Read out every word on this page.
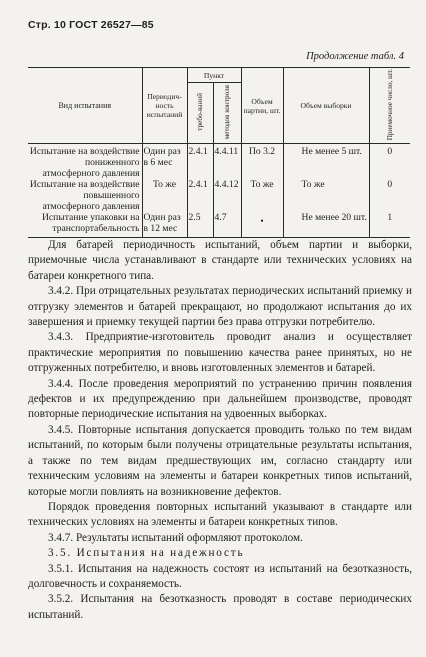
Стр. 10 ГОСТ 26527—85
Продолжение табл. 4
Вид испытания	Периодич-ность испытаний	Пункт		Объем партии, шт.	Объем выборки	Приемочное число, шт.
		требо-ваний	методов контроля			
Испытание на воздействие пониженного атмосферного давления	Один раз в 6 мес	2.4.1	4.4.11	По 3.2	Не менее 5 шт.	0
Испытание на воздействие повышенного атмосферного давления	То же	2.4.1	4.4.12	То же	То же	0
Испытание упаковки на транспортабельность	Один раз в 12 мес	2.5	4.7	•	Не менее 20 шт.	1

Для батарей периодичность испытаний, объем партии и выборки, приемочные числа устанавливают в стандарте или технических условиях на батареи конкретного типа.

3.4.2. При отрицательных результатах периодических испытаний приемку и отгрузку элементов и батарей прекращают, но продолжают испытания до их завершения и приемку текущей партии без права отгрузки потребителю.

3.4.3. Предприятие-изготовитель проводит анализ и осуществляет практические мероприятия по повышению качества ранее принятых, но не отгруженных потребителю, и вновь изготовленных элементов и батарей.

3.4.4. После проведения мероприятий по устранению причин появления дефектов и их предупреждению при дальнейшем производстве, проводят повторные периодические испытания на удвоенных выборках.

3.4.5. Повторные испытания допускается проводить только по тем видам испытаний, по которым были получены отрицательные результаты испытания, а также по тем видам предшествующих им, согласно стандарту или техническим условиям на элементы и батареи конкретных типов испытаний, которые могли повлиять на возникновение дефектов.

Порядок проведения повторных испытаний указывают в стандарте или технических условиях на элементы и батареи конкретных типов.

3.4.7. Результаты испытаний оформляют протоколом.

3.5. Испытания на надежность

3.5.1. Испытания на надежность состоят из испытаний на безотказность, долговечность и сохраняемость.

3.5.2. Испытания на безотказность проводят в составе периодических испытаний.
